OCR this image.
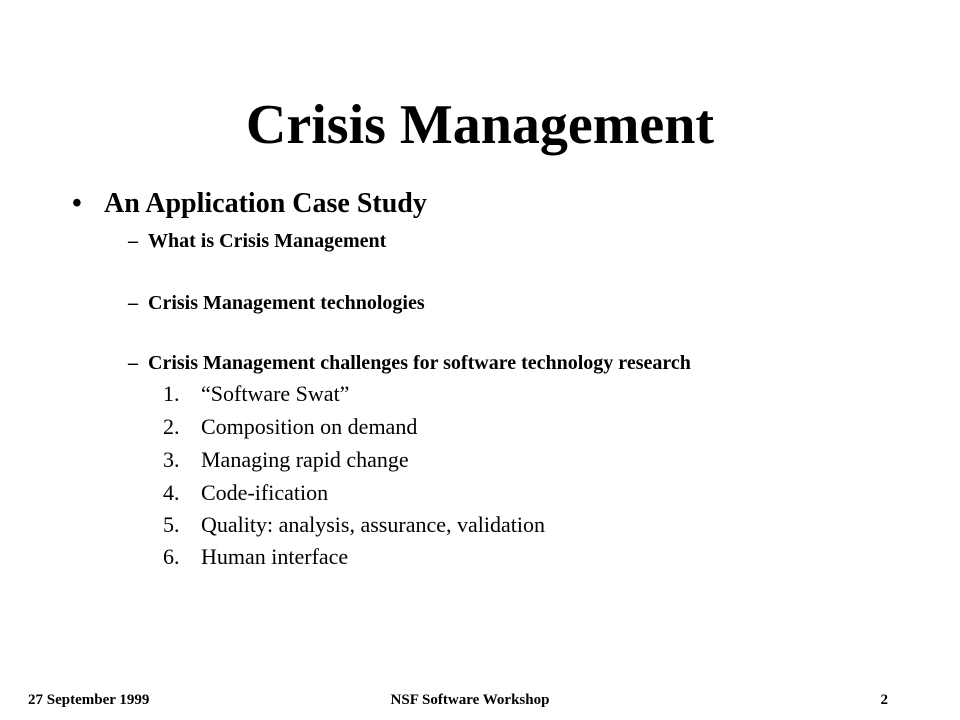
Crisis Management
• An Application Case Study
– What is Crisis Management
– Crisis Management technologies
– Crisis Management challenges for software technology research
1. “Software Swat”
2. Composition on demand
3. Managing rapid change
4. Code-ification
5. Quality: analysis, assurance, validation
6. Human interface
27 September 1999	NSF Software Workshop	2
